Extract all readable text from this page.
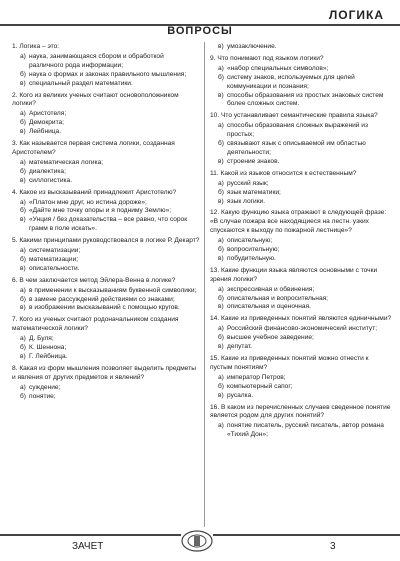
ЛОГИКА
ВОПРОСЫ
1. Логика – это:
а) наука, занимающаяся сбором и обработкой различного рода информации;
б) наука о формах и законах правильного мышления;
в) специальный раздел математики.
2. Кого из великих ученых считают основоположником логики?
а) Аристотеля;
б) Демокрита;
в) Лейбница.
3. Как называется первая система логики, созданная Аристотелем?
а) математическая логика;
б) диалектика;
в) силлогистика.
4. Какое из высказываний принадлежит Аристотелю?
а) «Платон мне друг, но истина дороже»;
б) «Дайте мне точку опоры и я подниму Землю»;
в) «Унция / без доказательства – все равно, что сорок грамм в поле искать».
5. Какими принципами руководствовался в логике Р. Декарт?
а) систематизации;
б) математизации;
в) описательности.
6. В чем заключается метод Эйлера-Венна в логике?
а) в применении к высказываниям буквенной символики;
б) в замене рассуждений действиями со знаками;
в) в изображении высказываний с помощью кругов.
7. Кого из ученых считают родоначальником создания математической логики?
а) Д. Буля;
б) К. Шеннона;
в) Г. Лейбница.
8. Какая из форм мышления позволяет выделить предметы и явления от других предметов и явлений?
а) суждение;
б) понятие;
в) умозаключение.
9. Что понимают под языком логики?
а) «набор специальных символов»;
б) систему знаков, используемых для целей коммуникации и познания;
в) способы образования из простых знаковых систем более сложных систем.
10. Что устанавливает семантические правила языка?
а) способы образования сложных выражений из простых;
б) связывают язык с описываемой им областью деятельности;
в) строение знаков.
11. Какой из языков относится к естественным?
а) русский язык;
б) язык математики;
в) язык логики.
12. Какую функцию языка отражают в следующей фразе: «В случае пожара все находящиеся на лестн. узких спускаются к выходу по пожарной лестнице»?
а) описательную;
б) вопросительную;
в) побудительную.
13. Какие функции языка являются основными с точки зрения логики?
а) экспрессивная и обвинения;
б) описательная и вопросительная;
в) описательная и оценочная.
14. Какие из приведенных понятий являются единичными?
а) Российский финансово-экономический институт;
б) высшее учебное заведение;
в) депутат.
15. Какие из приведенных понятий можно отнести к пустым понятиям?
а) император Петров;
б) компьютерный сапог;
в) русалка.
16. В каком из перечисленных случаев сведенное понятие является родом для других понятий?
а) понятие писатель, русский писатель, автор романа «Тихий Дон»;
ЗАЧЕТ	3
